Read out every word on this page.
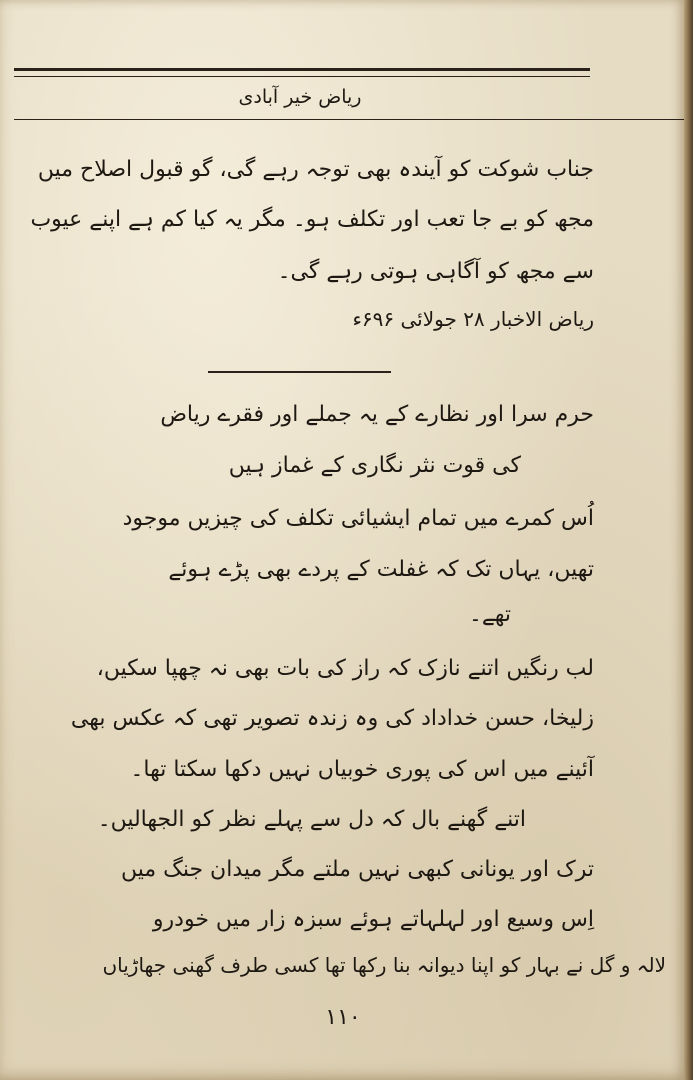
ریاض خیر آبادی
جناب شوکت کو آیندہ بھی توجہ رہے گی، گو قبول اصلاح میں
مجھ کو بے جا تعب اور تکلف ہو۔ مگر یہ کیا کم ہے اپنے عیوب
سے مجھ کو آگاہی ہوتی رہے گی۔
ریاض الاخبار ۲۸ جولائی ۶۹۶ء
حرم سرا اور نظارے کے یہ جملے اور فقرے ریاض
کی قوت نثر نگاری کے غماز ہیں
اُس کمرے میں تمام ایشیائی تکلف کی چیزیں موجود
تھیں، یہاں تک کہ غفلت کے پردے بھی پڑے ہوئے
تھے۔
لب رنگیں اتنے نازک کہ راز کی بات بھی نہ چھپا سکیں،
زلیخا، حسن خداداد کی وہ زندہ تصویر تھی کہ عکس بھی
آئینے میں اس کی پوری خوبیاں نہیں دکھا سکتا تھا۔
اتنے گھنے بال کہ دل سے پہلے نظر کو الجھالیں۔
ترک اور یونانی کبھی نہیں ملتے مگر میدان جنگ میں
اِس وسیع اور لہلہاتے ہوئے سبزہ زار میں خودرو
لالہ و گل نے بہار کو اپنا دیوانہ بنا رکھا تھا کسی طرف گھنی جھاڑیاں
١١٠
